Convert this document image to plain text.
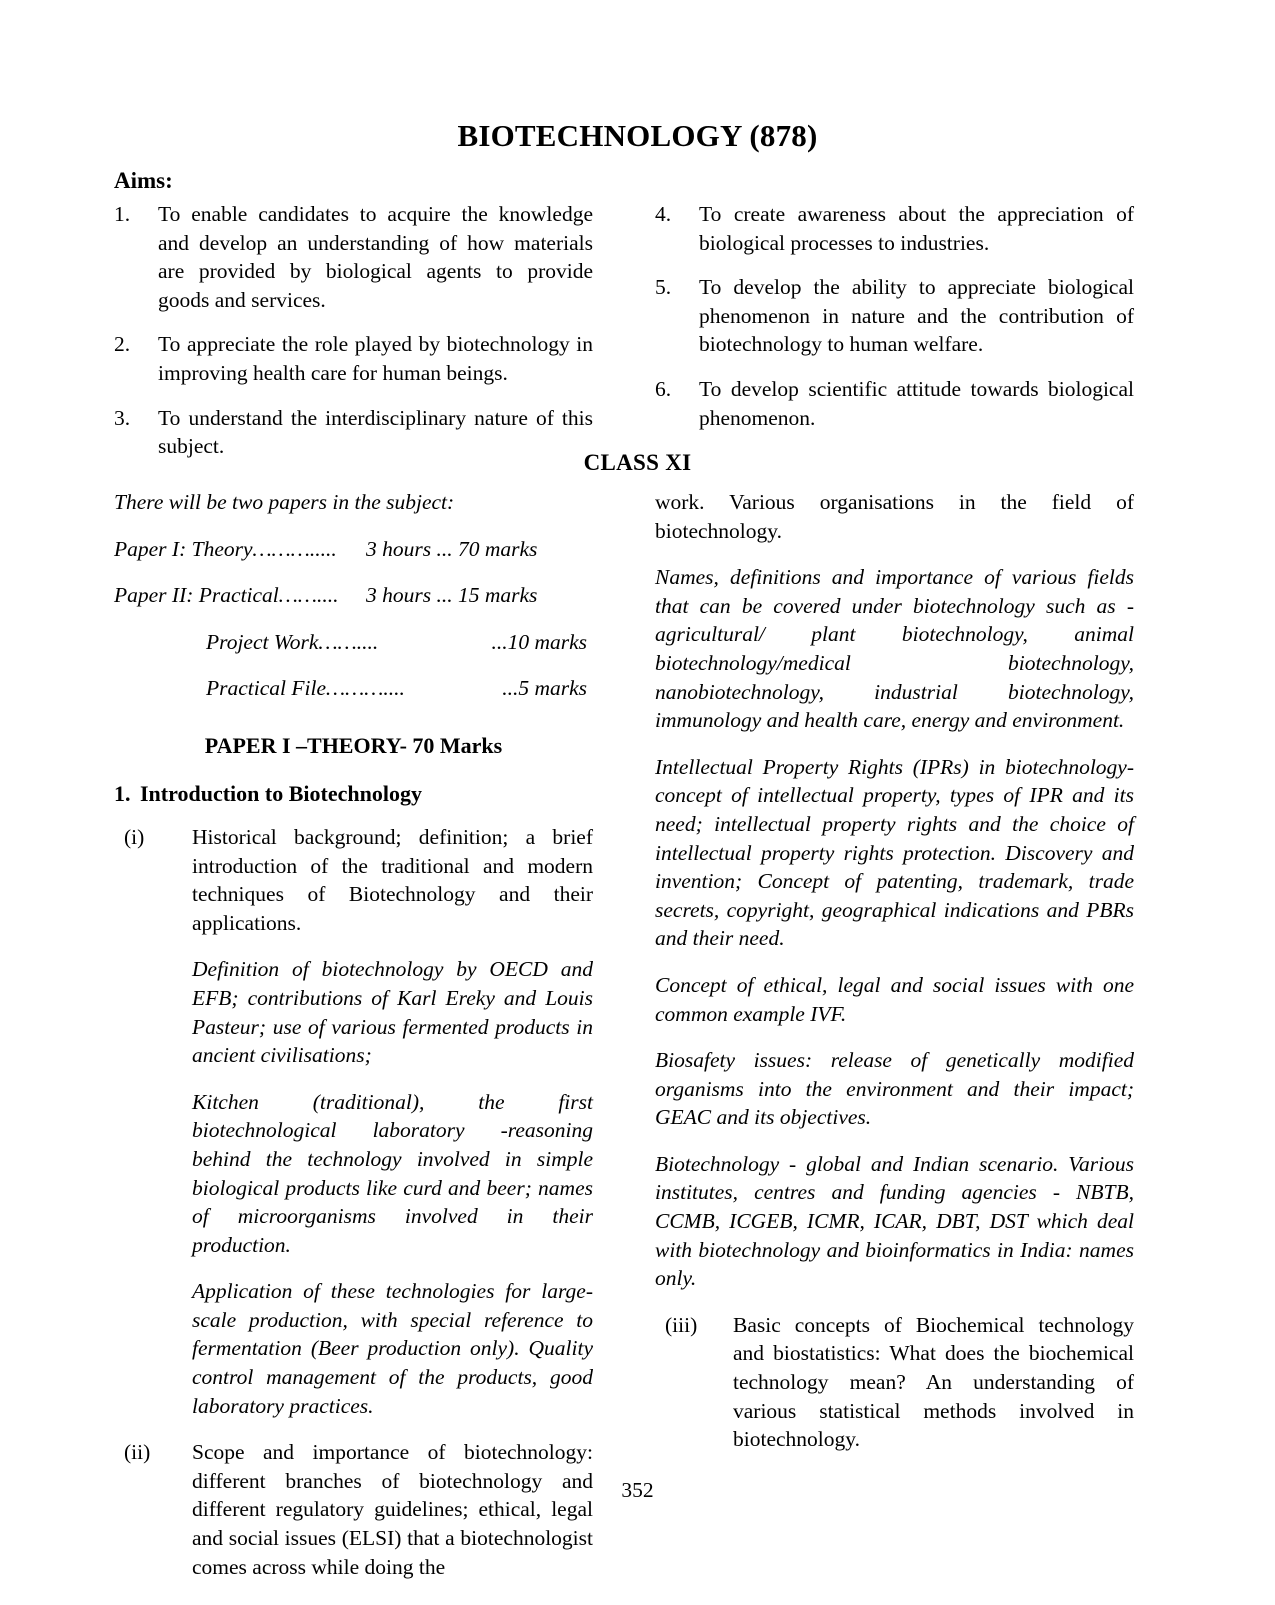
BIOTECHNOLOGY (878)
Aims:
1.	To enable candidates to acquire the knowledge and develop an understanding of how materials are provided by biological agents to provide goods and services.
2.	To appreciate the role played by biotechnology in improving health care for human beings.
3.	To understand the interdisciplinary nature of this subject.
4.	To create awareness about the appreciation of biological processes to industries.
5.	To develop the ability to appreciate biological phenomenon in nature and the contribution of biotechnology to human welfare.
6.	To develop scientific attitude towards biological phenomenon.
CLASS XI

There will be two papers in the subject:

Paper I: Theory……….....	3 hours ... 70 marks
Paper II: Practical……....	3 hours ... 15 marks
Project Work……....	...10 marks
Practical File………....	...5 marks
PAPER I –THEORY- 70 Marks
1. Introduction to Biotechnology
(i)	Historical background; definition; a brief introduction of the traditional and modern techniques of Biotechnology and their applications.

Definition of biotechnology by OECD and EFB; contributions of Karl Ereky and Louis Pasteur; use of various fermented products in ancient civilisations;

Kitchen (traditional), the first biotechnological laboratory -reasoning behind the technology involved in simple biological products like curd and beer; names of microorganisms involved in their production.

Application of these technologies for large-scale production, with special reference to fermentation (Beer production only). Quality control management of the products, good laboratory practices.

(ii)	Scope and importance of biotechnology: different branches of biotechnology and different regulatory guidelines; ethical, legal and social issues (ELSI) that a biotechnologist comes across while doing the

work. Various organisations in the field of biotechnology.

Names, definitions and importance of various fields that can be covered under biotechnology such as - agricultural/ plant biotechnology, animal biotechnology/medical biotechnology, nanobiotechnology, industrial biotechnology, immunology and health care, energy and environment.

Intellectual Property Rights (IPRs) in biotechnology- concept of intellectual property, types of IPR and its need; intellectual property rights and the choice of intellectual property rights protection. Discovery and invention; Concept of patenting, trademark, trade secrets, copyright, geographical indications and PBRs and their need.

Concept of ethical, legal and social issues with one common example IVF.

Biosafety issues: release of genetically modified organisms into the environment and their impact; GEAC and its objectives.

Biotechnology - global and Indian scenario. Various institutes, centres and funding agencies - NBTB, CCMB, ICGEB, ICMR, ICAR, DBT, DST which deal with biotechnology and bioinformatics in India: names only.

(iii)	Basic concepts of Biochemical technology and biostatistics: What does the biochemical technology mean? An understanding of various statistical methods involved in biotechnology.

352
